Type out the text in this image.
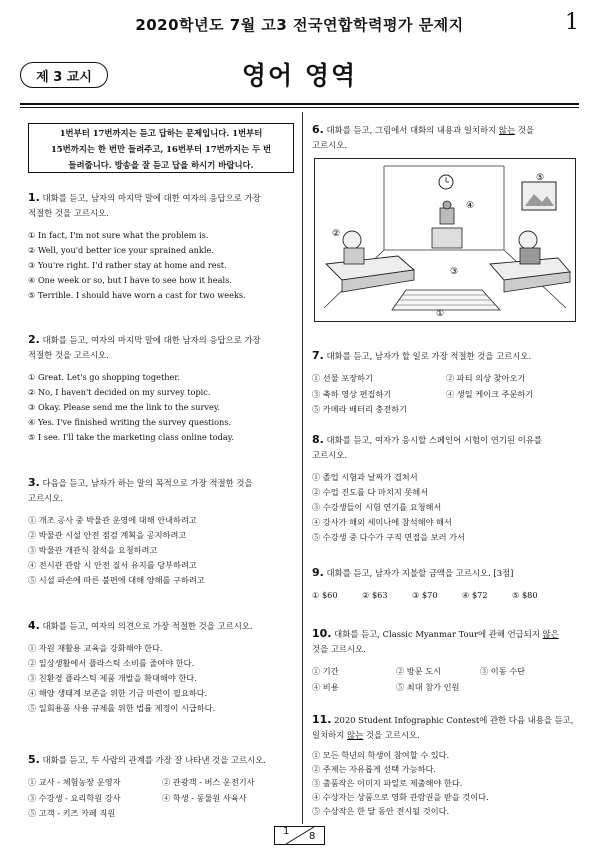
2020학년도 7월 고3 전국연합학력평가 문제지	1
제 3 교시	영어 영역
1번부터 17번까지는 듣고 답하는 문제입니다. 1번부터
15번까지는 한 번만 들려주고, 16번부터 17번까지는 두 번
들려줍니다. 방송을 잘 듣고 답을 하시기 바랍니다.
1. 대화를 듣고, 남자의 마지막 말에 대한 여자의 응답으로 가장
적절한 것을 고르시오.
① In fact, I'm not sure what the problem is.
② Well, you'd better ice your sprained ankle.
③ You're right. I'd rather stay at home and rest.
④ One week or so, but I have to see how it heals.
⑤ Terrible. I should have worn a cast for two weeks.
2. 대화를 듣고, 여자의 마지막 말에 대한 남자의 응답으로 가장
적절한 것을 고르시오.
① Great. Let's go shopping together.
② No, I haven't decided on my survey topic.
③ Okay. Please send me the link to the survey.
④ Yes. I've finished writing the survey questions.
⑤ I see. I'll take the marketing class online today.
3. 다음을 듣고, 남자가 하는 말의 목적으로 가장 적절한 것을
고르시오.
① 개조 공사 중 박물관 운영에 대해 안내하려고
② 박물관 시설 안전 점검 계획을 공지하려고
③ 박물관 개관식 참석을 요청하려고
④ 전시관 관람 시 안전 질서 유지를 당부하려고
⑤ 시설 파손에 따른 불편에 대해 양해를 구하려고
4. 대화를 듣고, 여자의 의견으로 가장 적절한 것을 고르시오.
① 자원 재활용 교육을 강화해야 한다.
② 일상생활에서 플라스틱 소비를 줄여야 한다.
③ 친환경 플라스틱 제품 개발을 확대해야 한다.
④ 해양 생태계 보존을 위한 기금 마련이 필요하다.
⑤ 일회용품 사용 규제를 위한 법률 제정이 시급하다.
5. 대화를 듣고, 두 사람의 관계를 가장 잘 나타낸 것을 고르시오.
① 교사 - 체험농장 운영자	② 관광객 - 버스 운전기사
③ 수강생 - 요리학원 강사	④ 학생 - 동물원 사육사
⑤ 고객 - 키즈 카페 직원
6. 대화를 듣고, 그림에서 대화의 내용과 일치하지 않는 것을
고르시오.
①
②
③
④
⑤
7. 대화를 듣고, 남자가 할 일로 가장 적절한 것을 고르시오.
① 선물 포장하기	② 파티 의상 찾아오기
③ 축하 영상 편집하기	④ 생일 케이크 주문하기
⑤ 카메라 배터리 충전하기
8. 대화를 듣고, 여자가 응시할 스페인어 시험이 연기된 이유를
고르시오.
① 졸업 시험과 날짜가 겹쳐서
② 수업 진도를 다 마치지 못해서
③ 수강생들이 시험 연기를 요청해서
④ 강사가 해외 세미나에 참석해야 해서
⑤ 수강생 중 다수가 구직 면접을 보러 가서
9. 대화를 듣고, 남자가 지불할 금액을 고르시오. [3점]
① $60	② $63	③ $70	④ $72	⑤ $80
10. 대화를 듣고, Classic Myanmar Tour에 관해 언급되지 않은
것을 고르시오.
① 기간	② 방문 도시	③ 이동 수단
④ 비용	⑤ 최대 참가 인원
11. 2020 Student Infographic Contest에 관한 다음 내용을 듣고,
일치하지 않는 것을 고르시오.
① 모든 학년의 학생이 참여할 수 있다.
② 주제는 자유롭게 선택 가능하다.
③ 출품작은 이미지 파일로 제출해야 한다.
④ 수상자는 상품으로 영화 관람권을 받을 것이다.
⑤ 수상작은 한 달 동안 전시될 것이다.
1 8
